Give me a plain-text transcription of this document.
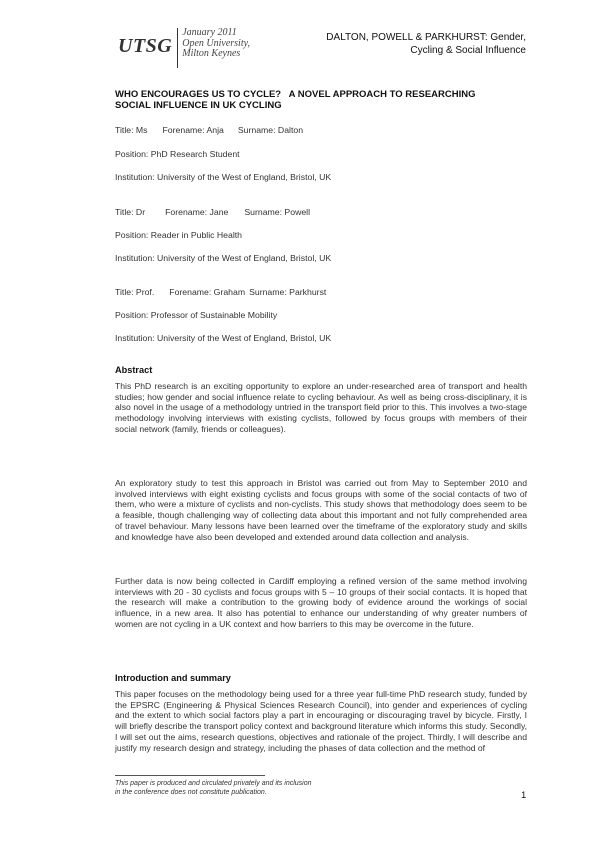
UTSG
January 2011
Open University,
Milton Keynes
DALTON, POWELL & PARKHURST: Gender,
Cycling & Social Influence
WHO ENCOURAGES US TO CYCLE?   A NOVEL APPROACH TO RESEARCHING
SOCIAL INFLUENCE IN UK CYCLING
Title: Ms Forename: Anja Surname: Dalton
Position: PhD Research Student
Institution: University of the West of England, Bristol, UK
Title: Dr Forename: Jane Surname: Powell
Position: Reader in Public Health
Institution: University of the West of England, Bristol, UK
Title: Prof. Forename: Graham Surname: Parkhurst
Position: Professor of Sustainable Mobility
Institution: University of the West of England, Bristol, UK
Abstract
This PhD research is an exciting opportunity to explore an under-researched area of transport and health studies; how gender and social influence relate to cycling behaviour. As well as being cross-disciplinary, it is also novel in the usage of a methodology untried in the transport field prior to this. This involves a two-stage methodology involving interviews with existing cyclists, followed by focus groups with members of their social network (family, friends or colleagues).
An exploratory study to test this approach in Bristol was carried out from May to September 2010 and involved interviews with eight existing cyclists and focus groups with some of the social contacts of two of them, who were a mixture of cyclists and non-cyclists. This study shows that methodology does seem to be a feasible, though challenging way of collecting data about this important and not fully comprehended area of travel behaviour. Many lessons have been learned over the timeframe of the exploratory study and skills and knowledge have also been developed and extended around data collection and analysis.
Further data is now being collected in Cardiff employing a refined version of the same method involving interviews with 20 - 30 cyclists and focus groups with 5 – 10 groups of their social contacts. It is hoped that the research will make a contribution to the growing body of evidence around the workings of social influence, in a new area. It also has potential to enhance our understanding of why greater numbers of women are not cycling in a UK context and how barriers to this may be overcome in the future.
Introduction and summary
This paper focuses on the methodology being used for a three year full-time PhD research study, funded by the EPSRC (Engineering & Physical Sciences Research Council), into gender and experiences of cycling and the extent to which social factors play a part in encouraging or discouraging travel by bicycle. Firstly, I will briefly describe the transport policy context and background literature which informs this study. Secondly, I will set out the aims, research questions, objectives and rationale of the project. Thirdly, I will describe and justify my research design and strategy, including the phases of data collection and the method of
This paper is produced and circulated privately and its inclusion
in the conference does not constitute publication.	1
